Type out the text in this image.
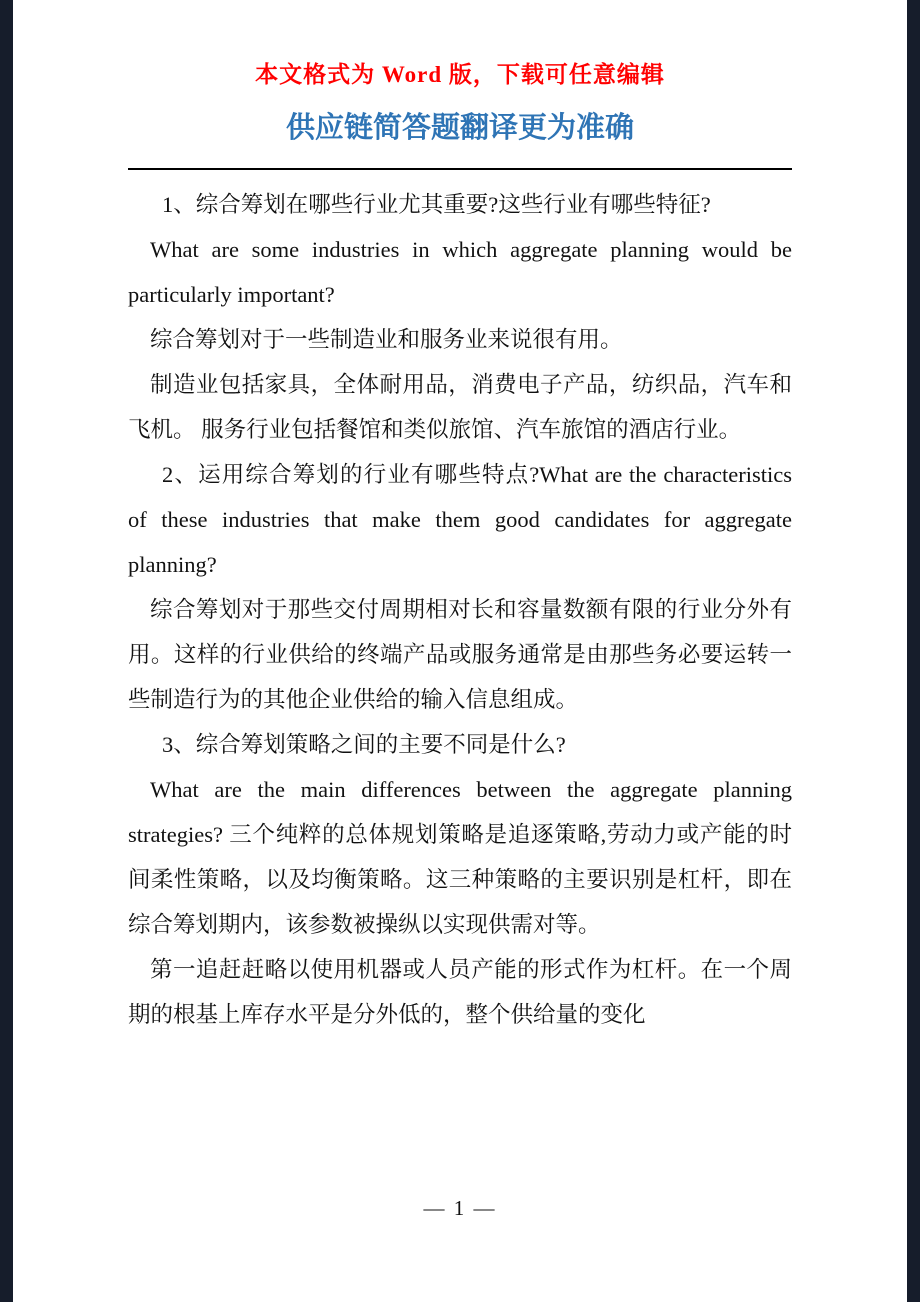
本文格式为 Word 版，下载可任意编辑

供应链简答题翻译更为准确

1、综合筹划在哪些行业尤其重要?这些行业有哪些特征?

What are some industries in which aggregate planning would be particularly important?

综合筹划对于一些制造业和服务业来说很有用。

制造业包括家具，全体耐用品，消费电子产品，纺织品，汽车和飞机。 服务行业包括餐馆和类似旅馆、汽车旅馆的酒店行业。

2、运用综合筹划的行业有哪些特点?What are the characteristics of these industries that make them good candidates for aggregate planning?

综合筹划对于那些交付周期相对长和容量数额有限的行业分外有用。这样的行业供给的终端产品或服务通常是由那些务必要运转一些制造行为的其他企业供给的输入信息组成。

3、综合筹划策略之间的主要不同是什么?

What are the main differences between the aggregate planning strategies? 三个纯粹的总体规划策略是追逐策略,劳动力或产能的时间柔性策略，以及均衡策略。这三种策略的主要识别是杠杆，即在综合筹划期内，该参数被操纵以实现供需对等。

第一追赶赶略以使用机器或人员产能的形式作为杠杆。在一个周期的根基上库存水平是分外低的，整个供给量的变化

— 1 —
